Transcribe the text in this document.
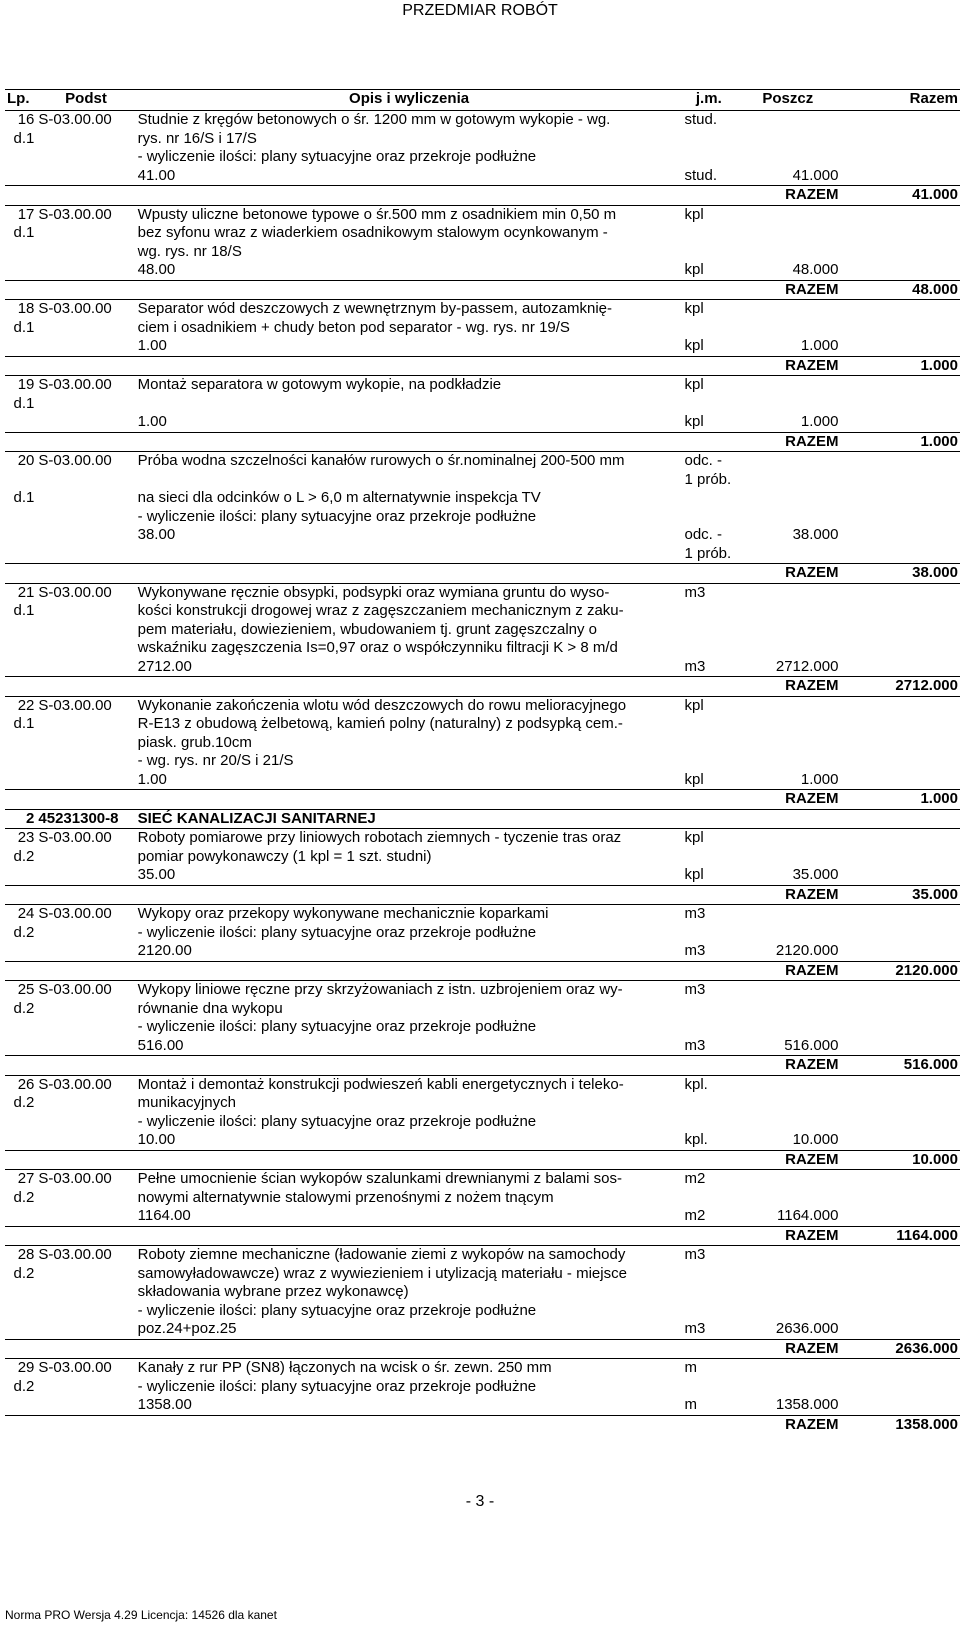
PRZEDMIAR ROBÓT
Lp.	Podst	Opis i wyliczenia	j.m.	Poszcz	Razem
16	S-03.00.00	Studnie z kręgów betonowych o śr. 1200 mm w gotowym wykopie - wg.	stud.		
d.1		rys. nr 16/S i 17/S			
		- wyliczenie ilości: plany sytuacyjne oraz przekroje podłużne			
		41.00	stud.	41.000	
				RAZEM	41.000
17	S-03.00.00	Wpusty uliczne betonowe typowe o śr.500 mm z osadnikiem min 0,50 m	kpl		
d.1		bez syfonu wraz z wiaderkiem osadnikowym stalowym ocynkowanym -			
		wg. rys. nr 18/S			
		48.00	kpl	48.000	
				RAZEM	48.000
18	S-03.00.00	Separator wód deszczowych z wewnętrznym by-passem, autozamknię-	kpl		
d.1		ciem i osadnikiem + chudy beton pod separator - wg. rys. nr 19/S			
		1.00	kpl	1.000	
				RAZEM	1.000
19	S-03.00.00	Montaż separatora w gotowym wykopie, na podkładzie	kpl		
d.1					
		1.00	kpl	1.000	
				RAZEM	1.000
20	S-03.00.00	Próba wodna szczelności kanałów rurowych o śr.nominalnej 200-500 mm	odc. - 1 prób.		
d.1		na sieci dla odcinków o L > 6,0 m alternatywnie inspekcja TV			
		- wyliczenie ilości: plany sytuacyjne oraz przekroje podłużne			
		38.00	odc. - 1 prób.	38.000	
				RAZEM	38.000
21	S-03.00.00	Wykonywane ręcznie obsypki, podsypki oraz wymiana gruntu do wyso-	m3		
d.1		kości konstrukcji drogowej wraz z zagęszczaniem mechanicznym z zaku-			
		pem materiału, dowiezieniem, wbudowaniem tj. grunt zagęszczalny o			
		wskaźniku zagęszczenia Is=0,97 oraz o współczynniku filtracji K > 8 m/d			
		2712.00	m3	2712.000	
				RAZEM	2712.000
22	S-03.00.00	Wykonanie zakończenia wlotu wód deszczowych do rowu melioracyjnego	kpl		
d.1		R-E13 z obudową żelbetową, kamień polny (naturalny) z podsypką cem.-			
		piask. grub.10cm			
		- wg. rys. nr 20/S i 21/S			
		1.00	kpl	1.000	
				RAZEM	1.000
2	45231300-8	SIEĆ KANALIZACJI SANITARNEJ			
23	S-03.00.00	Roboty pomiarowe przy liniowych robotach ziemnych - tyczenie tras oraz	kpl		
d.2		pomiar powykonawczy (1 kpl = 1 szt. studni)			
		35.00	kpl	35.000	
				RAZEM	35.000
24	S-03.00.00	Wykopy oraz przekopy wykonywane mechanicznie koparkami	m3		
d.2		- wyliczenie ilości: plany sytuacyjne oraz przekroje podłużne			
		2120.00	m3	2120.000	
				RAZEM	2120.000
25	S-03.00.00	Wykopy liniowe ręczne przy skrzyżowaniach z istn. uzbrojeniem oraz wy-	m3		
d.2		równanie dna wykopu			
		- wyliczenie ilości: plany sytuacyjne oraz przekroje podłużne			
		516.00	m3	516.000	
				RAZEM	516.000
26	S-03.00.00	Montaż i demontaż konstrukcji podwieszeń kabli energetycznych i teleko-	kpl.		
d.2		munikacyjnych			
		- wyliczenie ilości: plany sytuacyjne oraz przekroje podłużne			
		10.00	kpl.	10.000	
				RAZEM	10.000
27	S-03.00.00	Pełne umocnienie ścian wykopów szalunkami drewnianymi z balami sos-	m2		
d.2		nowymi alternatywnie stalowymi przenośnymi z nożem tnącym			
		1164.00	m2	1164.000	
				RAZEM	1164.000
28	S-03.00.00	Roboty ziemne mechaniczne (ładowanie ziemi z wykopów na samochody	m3		
d.2		samowyładowawcze) wraz z wywiezieniem i utylizacją materiału - miejsce			
		składowania wybrane przez wykonawcę)			
		- wyliczenie ilości: plany sytuacyjne oraz przekroje podłużne			
		poz.24+poz.25	m3	2636.000	
				RAZEM	2636.000
29	S-03.00.00	Kanały z rur PP (SN8) łączonych na wcisk o śr. zewn. 250 mm	m		
d.2		- wyliczenie ilości: plany sytuacyjne oraz przekroje podłużne			
		1358.00	m	1358.000	
				RAZEM	1358.000
- 3 -
Norma PRO Wersja 4.29 Licencja: 14526 dla kanet
